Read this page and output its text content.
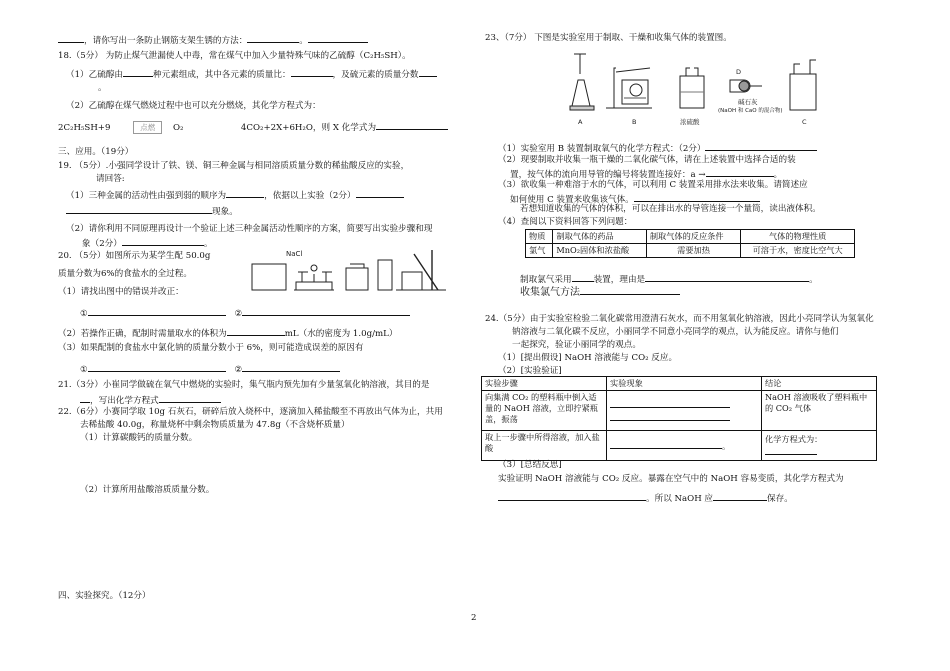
，请你写出一条防止钢筋支架生锈的方法：	。
18.（5分） 为防止煤气泄漏使人中毒，常在煤气中加入少量特殊气味的乙硫醇（C₂H₅SH）。
（1）乙硫醇由	种元素组成，其中各元素的质量比：	，及硫元素的质量分数
。
（2）乙硫醇在煤气燃烧过程中也可以充分燃烧，其化学方程式为：
2C₂H₅SH+9	点燃 O₂	4CO₂+2X+6H₂O，则 X 化学式为
三、应用。（19分）
19. （5分）.小强同学设计了铁、镁、铜三种金属与相同溶质质量分数的稀盐酸反应的实验，
请回答:
（1）三种金属的活动性由强到弱的顺序为	，依据以上实验（2分）
现象。
（2）请你利用不同原理再设计一个验证上述三种金属活动性顺序的方案，简要写出实验步骤和现
象（2分）	。
20. （5分）如图所示为某学生配 50.0g	NaCl
质量分数为6%的食盐水的全过程。
（1）请找出图中的错误并改正：
①	②
（2）若操作正确，配制时需量取水的体积为	mL（水的密度为 1.0g/mL）
（3）如果配制的食盐水中氯化钠的质量分数小于 6%，则可能造成误差的原因有
①	②
21.（3分）小崔同学做硫在氧气中燃烧的实验时，集气瓶内预先加有少量氢氧化钠溶液，其目的是
，写出化学方程式
22.（6分）小赛同学取 10g 石灰石，研碎后放入烧杯中，逐滴加入稀盐酸至不再放出气体为止，共用
去稀盐酸 40.0g，称量烧杯中剩余物质质量为 47.8g（不含烧杯质量）
（1）计算碳酸钙的质量分数。
（2）计算所用盐酸溶质质量分数。
四、实验探究。（12分）
23、（7分） 下图是实验室用于制取、干燥和收集气体的装置图。
A	B	浓硫酸
D
碱石灰
(NaOH 和 CaO 的混合物)
C
（1）实验室用 B 装置制取氧气的化学方程式：（2分）
（2）现要制取并收集一瓶干燥的二氧化碳气体，请在上述装置中选择合适的装
置，按气体的流向用导管的编号将装置连接好：a →	。
（3）欲收集一种难溶于水的气体，可以利用 C 装置采用排水法来收集。请简述应
如何使用 C 装置来收集该气体。
若想知道收集的气体的体积，可以在排出水的导管连接一个量筒，读出液体积。
（4）查阅以下资料回答下列问题：
物质	制取气体的药品	制取气体的反应条件	气体的物理性质
氯气	MnO₂固体和浓盐酸	需要加热	可溶于水，密度比空气大
制取氯气采用	装置，理由是	。
收集氯气方法
24.（5分）由于实验室检验二氧化碳常用澄清石灰水，而不用氢氧化钠溶液，因此小亮同学认为氢氧化
钠溶液与二氧化碳不反应，小丽同学不同意小亮同学的观点，认为能反应。请你与他们
一起探究，验证小丽同学的观点。
（1）[提出假设] NaOH 溶液能与 CO₂ 反应。
（2）[实验验证]
实验步骤	实验现象	结论
向集满 CO₂ 的塑料瓶中倒入适量的 NaOH 溶液，立即拧紧瓶盖，振荡		NaOH 溶液吸收了塑料瓶中的 CO₂ 气体
取上一步骤中所得溶液，加入盐酸	。	化学方程式为：
（3）[总结反思]
实验证明 NaOH 溶液能与 CO₂ 反应。暴露在空气中的 NaOH 容易变质，其化学方程式为
。所以 NaOH 应	保存。
2
